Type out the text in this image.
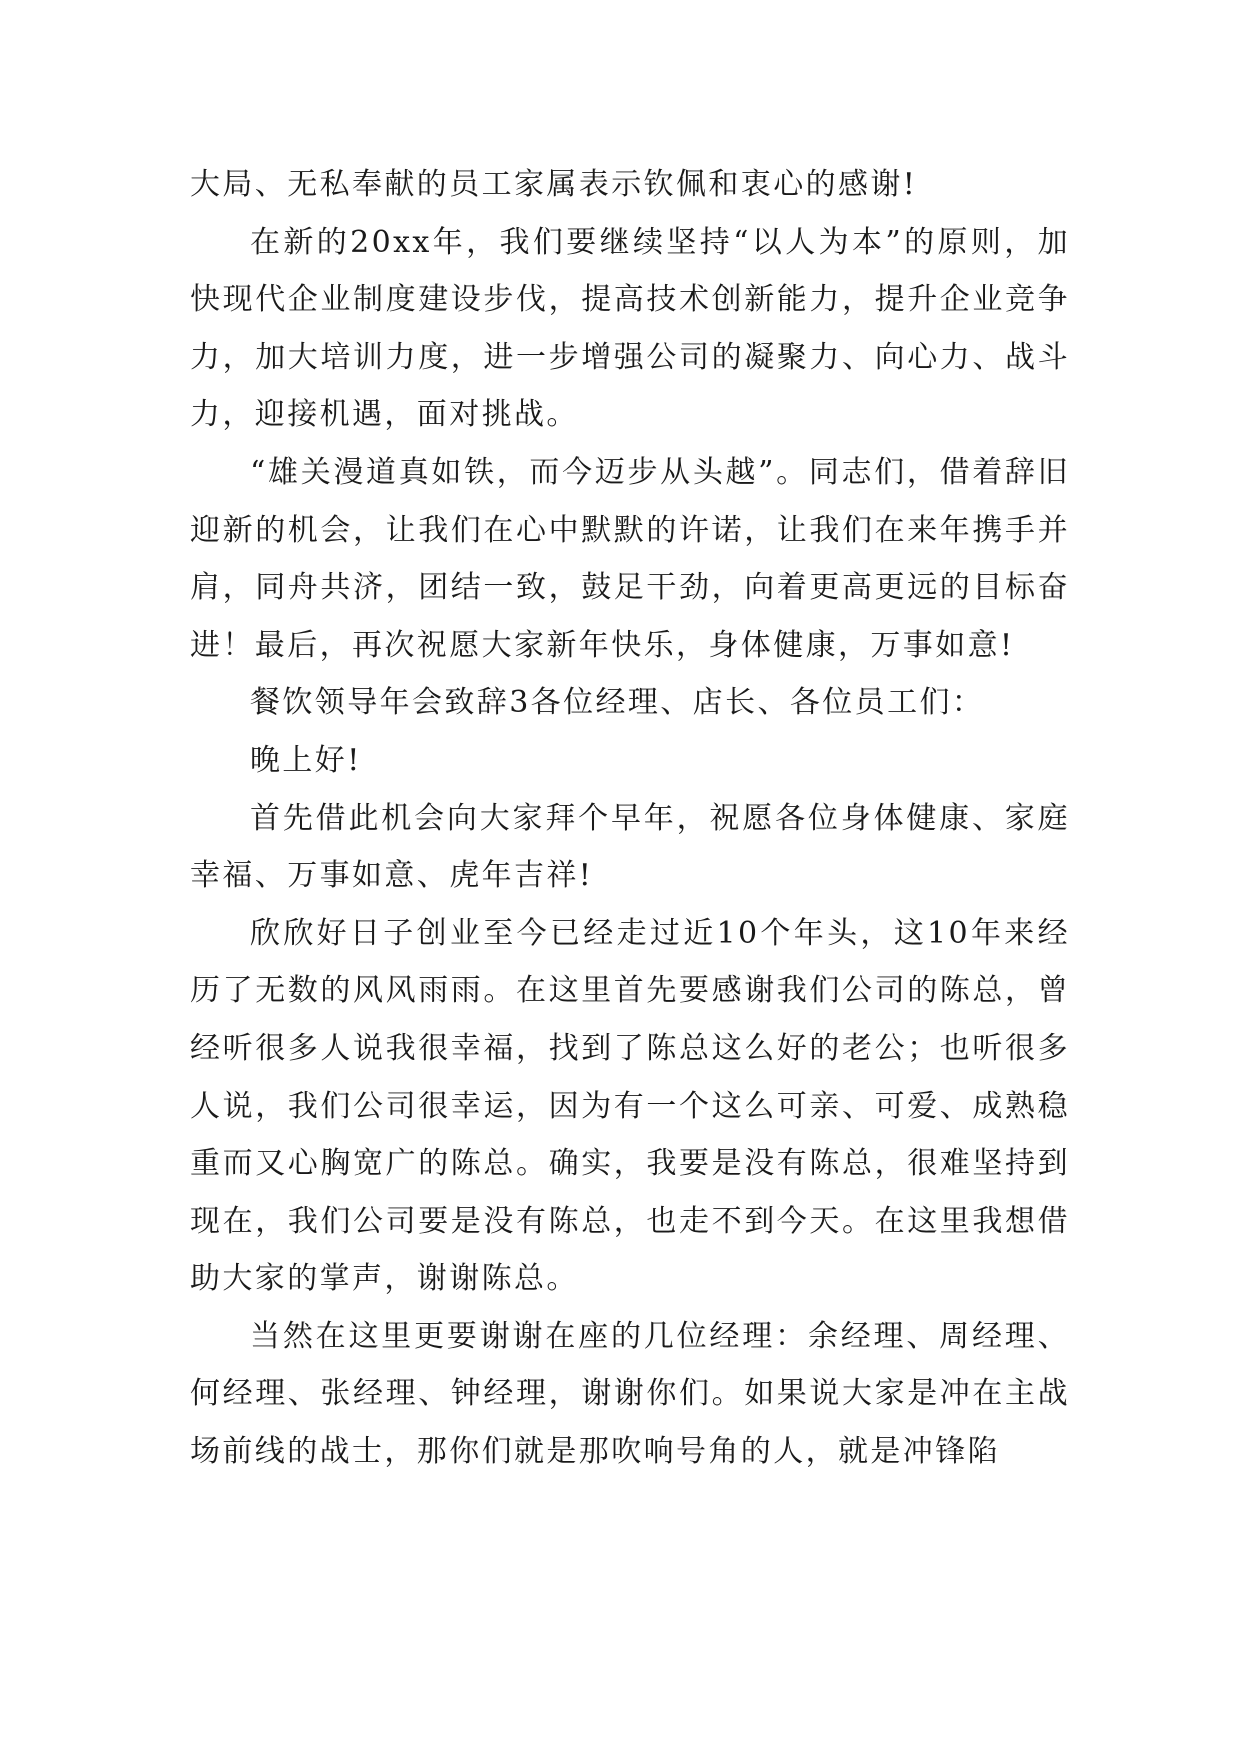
大局、无私奉献的员工家属表示钦佩和衷心的感谢!

在新的20xx年，我们要继续坚持“以人为本”的原则，加快现代企业制度建设步伐，提高技术创新能力，提升企业竞争力，加大培训力度，进一步增强公司的凝聚力、向心力、战斗力，迎接机遇，面对挑战。

“雄关漫道真如铁，而今迈步从头越”。同志们，借着辞旧迎新的机会，让我们在心中默默的许诺，让我们在来年携手并肩，同舟共济，团结一致，鼓足干劲，向着更高更远的目标奋进！最后，再次祝愿大家新年快乐，身体健康，万事如意!

餐饮领导年会致辞3各位经理、店长、各位员工们：

晚上好!

首先借此机会向大家拜个早年，祝愿各位身体健康、家庭幸福、万事如意、虎年吉祥!

欣欣好日子创业至今已经走过近10个年头，这10年来经历了无数的风风雨雨。在这里首先要感谢我们公司的陈总，曾经听很多人说我很幸福，找到了陈总这么好的老公；也听很多人说，我们公司很幸运，因为有一个这么可亲、可爱、成熟稳重而又心胸宽广的陈总。确实，我要是没有陈总，很难坚持到现在，我们公司要是没有陈总，也走不到今天。在这里我想借助大家的掌声，谢谢陈总。

当然在这里更要谢谢在座的几位经理：余经理、周经理、何经理、张经理、钟经理，谢谢你们。如果说大家是冲在主战场前线的战士，那你们就是那吹响号角的人，就是冲锋陷
